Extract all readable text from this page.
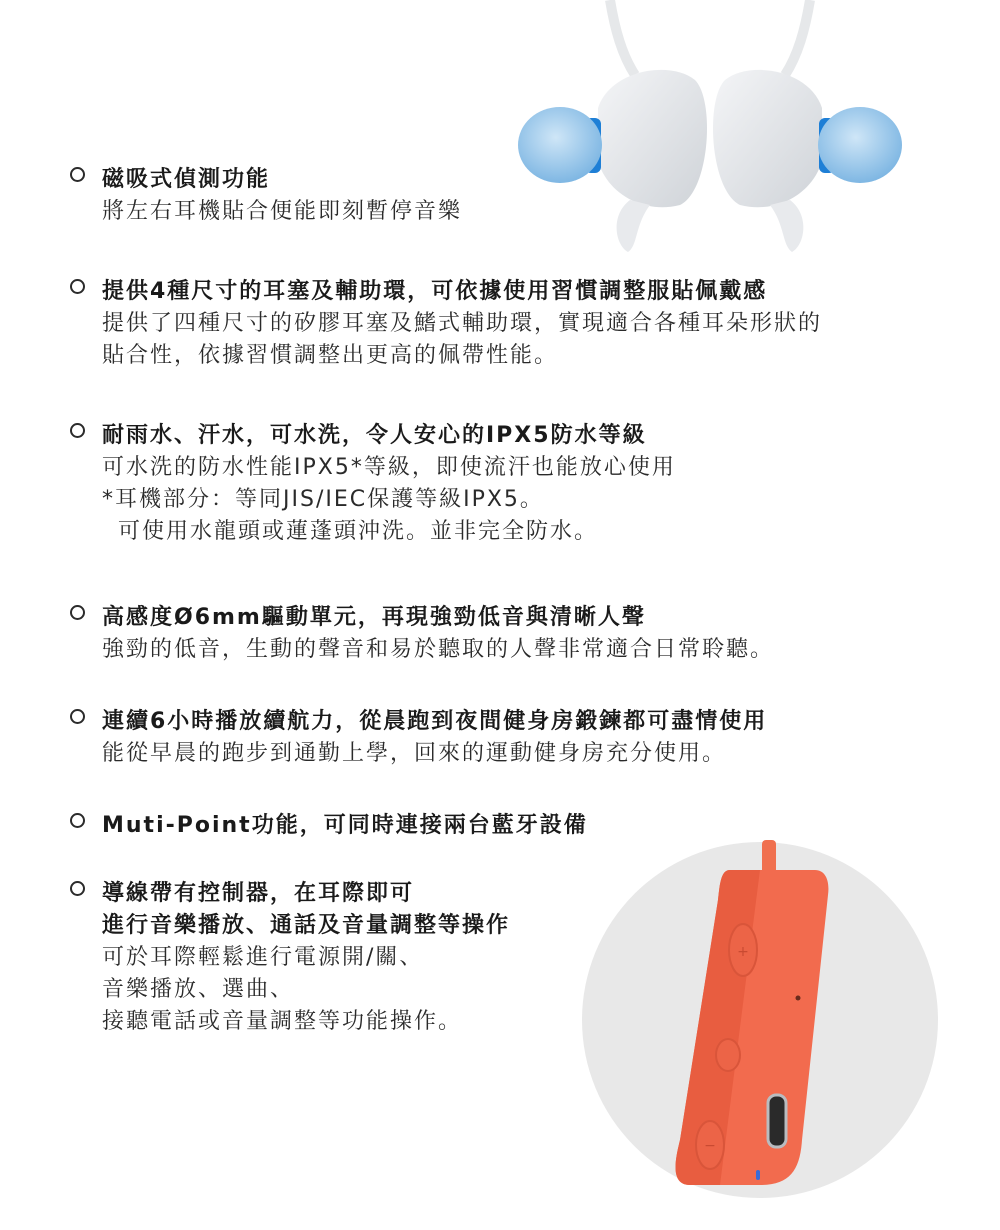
+
−
磁吸式偵測功能
將左右耳機貼合便能即刻暫停音樂
提供4種尺寸的耳塞及輔助環，可依據使用習慣調整服貼佩戴感
提供了四種尺寸的矽膠耳塞及鰭式輔助環，實現適合各種耳朵形狀的
貼合性，依據習慣調整出更高的佩帶性能。
耐雨水、汗水，可水洗，令人安心的IPX5防水等級
可水洗的防水性能IPX5*等級，即使流汗也能放心使用
*耳機部分：等同JIS/IEC保護等級IPX5。
可使用水龍頭或蓮蓬頭沖洗。並非完全防水。
高感度Ø6mm驅動單元，再現強勁低音與清晰人聲
強勁的低音，生動的聲音和易於聽取的人聲非常適合日常聆聽。
連續6小時播放續航力，從晨跑到夜間健身房鍛鍊都可盡情使用
能從早晨的跑步到通勤上學，回來的運動健身房充分使用。
Muti-Point功能，可同時連接兩台藍牙設備
導線帶有控制器，在耳際即可
進行音樂播放、通話及音量調整等操作
可於耳際輕鬆進行電源開/關、
音樂播放、選曲、
接聽電話或音量調整等功能操作。
